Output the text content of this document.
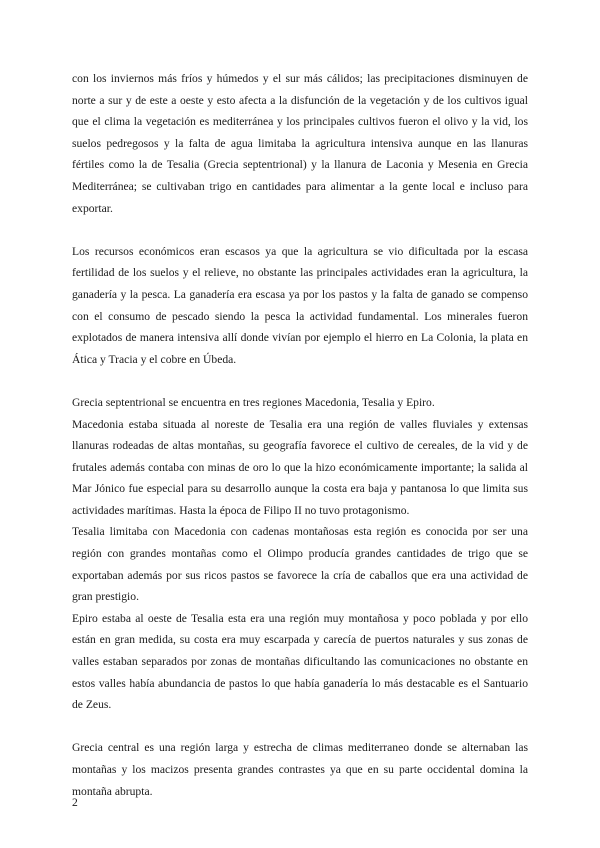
con los inviernos más fríos y húmedos y el sur más cálidos; las precipitaciones disminuyen de norte a sur y de este a oeste y esto afecta a la disfunción de la vegetación y de los cultivos igual que el clima la vegetación es mediterránea y los principales cultivos fueron el olivo y la vid, los suelos pedregosos y la falta de agua limitaba la agricultura intensiva aunque en las llanuras fértiles como la de Tesalia (Grecia septentrional) y la llanura de Laconia y Mesenia en Grecia Mediterránea; se cultivaban trigo en cantidades para alimentar a la gente local e incluso para exportar.

Los recursos económicos eran escasos ya que la agricultura se vio dificultada por la escasa fertilidad de los suelos y el relieve, no obstante las principales actividades eran la agricultura, la ganadería y la pesca. La ganadería era escasa ya por los pastos y la falta de ganado se compenso con el consumo de pescado siendo la pesca la actividad fundamental. Los minerales fueron explotados de manera intensiva allí donde vivían por ejemplo el hierro en La Colonia, la plata en Ática y Tracia y el cobre en Úbeda.

Grecia septentrional se encuentra en tres regiones Macedonia, Tesalia y Epiro.

Macedonia estaba situada al noreste de Tesalia era una región de valles fluviales y extensas llanuras rodeadas de altas montañas, su geografía favorece el cultivo de cereales, de la vid y de frutales además contaba con minas de oro lo que la hizo económicamente importante; la salida al Mar Jónico fue especial para su desarrollo aunque la costa era baja y pantanosa lo que limita sus actividades marítimas. Hasta la época de Filipo II no tuvo protagonismo.

Tesalia limitaba con Macedonia con cadenas montañosas esta región es conocida por ser una región con grandes montañas como el Olimpo producía grandes cantidades de trigo que se exportaban además por sus ricos pastos se favorece la cría de caballos que era una actividad de gran prestigio.

Epiro estaba al oeste de Tesalia esta era una región muy montañosa y poco poblada y por ello están en gran medida, su costa era muy escarpada y carecía de puertos naturales y sus zonas de valles estaban separados por zonas de montañas dificultando las comunicaciones no obstante en estos valles había abundancia de pastos lo que había ganadería lo más destacable es el Santuario de Zeus.

Grecia central es una región larga y estrecha de climas mediterraneo donde se alternaban las montañas y los macizos presenta grandes contrastes ya que en su parte occidental domina la montaña abrupta.

2
